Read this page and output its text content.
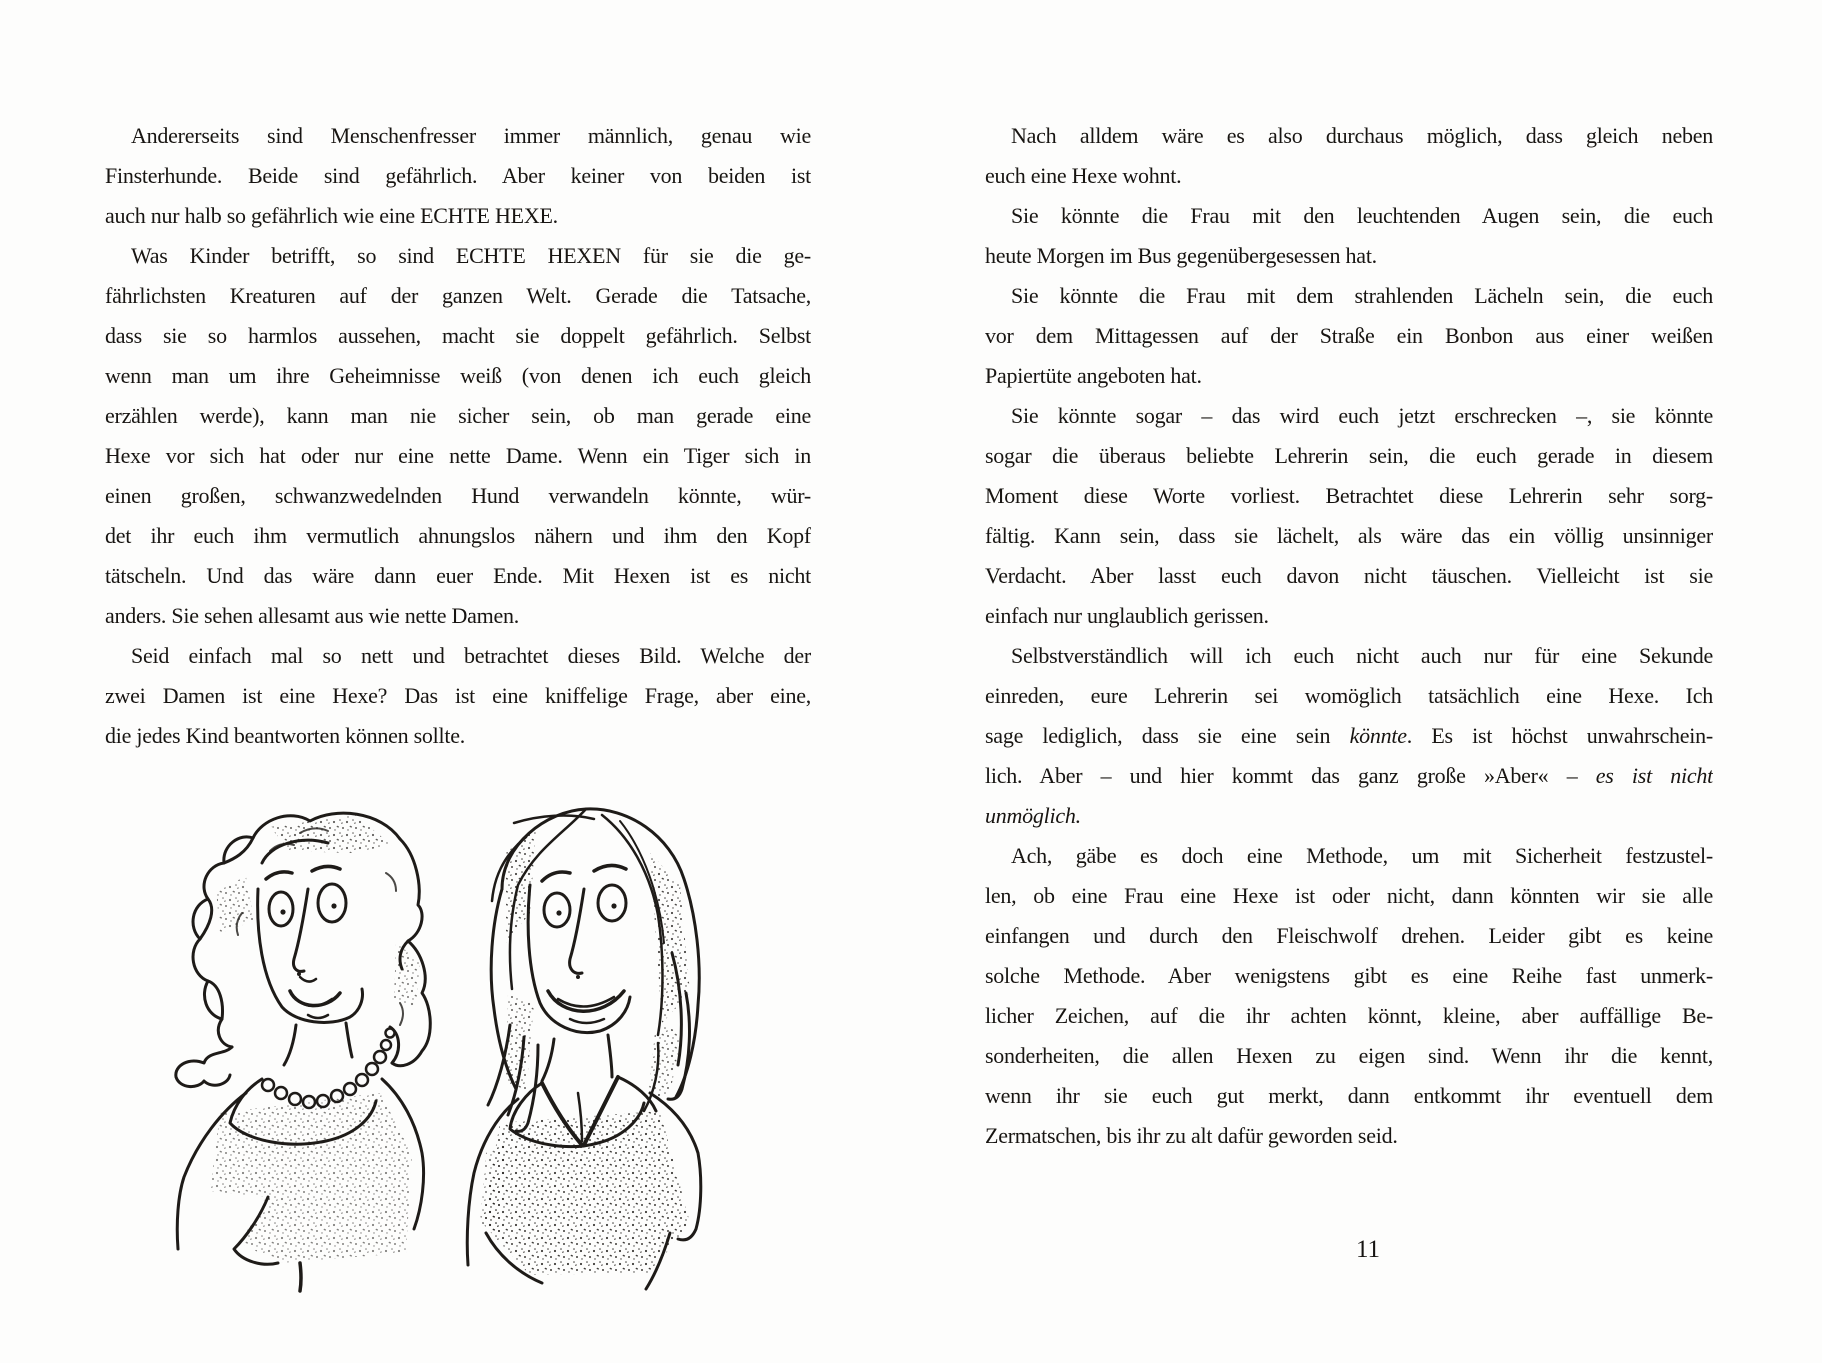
Andererseits sind Menschenfresser immer männlich, genau wie

Finsterhunde. Beide sind gefährlich. Aber keiner von beiden ist

auch nur halb so gefährlich wie eine ECHTE HEXE.

Was Kinder betrifft, so sind ECHTE HEXEN für sie die ge-

fährlichsten Kreaturen auf der ganzen Welt. Gerade die Tatsache,

dass sie so harmlos aussehen, macht sie doppelt gefährlich. Selbst

wenn man um ihre Geheimnisse weiß (von denen ich euch gleich

erzählen werde), kann man nie sicher sein, ob man gerade eine

Hexe vor sich hat oder nur eine nette Dame. Wenn ein Tiger sich in

einen großen, schwanzwedelnden Hund verwandeln könnte, wür-

det ihr euch ihm vermutlich ahnungslos nähern und ihm den Kopf

tätscheln. Und das wäre dann euer Ende. Mit Hexen ist es nicht

anders. Sie sehen allesamt aus wie nette Damen.

Seid einfach mal so nett und betrachtet dieses Bild. Welche der

zwei Damen ist eine Hexe? Das ist eine kniffelige Frage, aber eine,

die jedes Kind beantworten können sollte.

Nach alldem wäre es also durchaus möglich, dass gleich neben

euch eine Hexe wohnt.

Sie könnte die Frau mit den leuchtenden Augen sein, die euch

heute Morgen im Bus gegenübergesessen hat.

Sie könnte die Frau mit dem strahlenden Lächeln sein, die euch

vor dem Mittagessen auf der Straße ein Bonbon aus einer weißen

Papiertüte angeboten hat.

Sie könnte sogar – das wird euch jetzt erschrecken –, sie könnte

sogar die überaus beliebte Lehrerin sein, die euch gerade in diesem

Moment diese Worte vorliest. Betrachtet diese Lehrerin sehr sorg-

fältig. Kann sein, dass sie lächelt, als wäre das ein völlig unsinniger

Verdacht. Aber lasst euch davon nicht täuschen. Vielleicht ist sie

einfach nur unglaublich gerissen.

Selbstverständlich will ich euch nicht auch nur für eine Sekunde

einreden, eure Lehrerin sei womöglich tatsächlich eine Hexe. Ich

sage lediglich, dass sie eine sein könnte. Es ist höchst unwahrschein-

lich. Aber – und hier kommt das ganz große »Aber« – es ist nicht

unmöglich.

Ach, gäbe es doch eine Methode, um mit Sicherheit festzustel-

len, ob eine Frau eine Hexe ist oder nicht, dann könnten wir sie alle

einfangen und durch den Fleischwolf drehen. Leider gibt es keine

solche Methode. Aber wenigstens gibt es eine Reihe fast unmerk-

licher Zeichen, auf die ihr achten könnt, kleine, aber auffällige Be-

sonderheiten, die allen Hexen zu eigen sind. Wenn ihr die kennt,

wenn ihr sie euch gut merkt, dann entkommt ihr eventuell dem

Zermatschen, bis ihr zu alt dafür geworden seid.

11
